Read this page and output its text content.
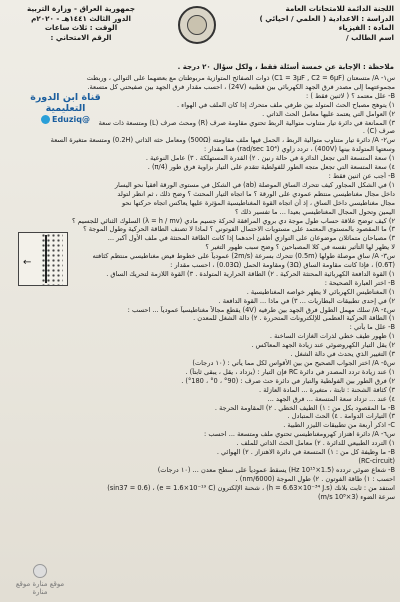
اللجنة الدائمة للامتحانات العامة
الدراسة : الاعدادية ( العلمي / احيائي )
المادة : الفيزياء
اسم الطالب /
جمهورية العراق - وزارة التربية
الدور الثالث ١٤٤١هـ - ٢٠٢٠م
الوقت : ثلاث ساعات
الرقم الامتحاني :
ملاحظة : الإجابة عن خمسة أسئلة فقط ، ولكل سؤال ٢٠ درجة .
س١- A/ متسعتان (C1 = 3μF , C2 = 6μF) ذوات الصفائح المتوازية مربوطتان مع بعضهما على التوالي ، وربطت
مجموعتهما إلى مصدر فرق الجهد الكهربائي بين قطبيه (24V) ، احسب مقدار فرق الجهد بين صفيحتي كل متسعة.
B- علل معتمد ؟ ( لاثنين فقط ) :
١) يتوهج مصباح الحث المتولد بين طرفي ملف متحرك إذا كان الملف في الهواء .
٢) العوامل التي يعتمد عليها معامل الحث الذاتي .
٣) الممانعة في دائرة تيار متناوب متوالية الربط تحتوي مقاومة صرف (R) ومحث صرف (L) ومتسعة ذات سعة
صرف (C) .
س٢- A/ دائرة تيار متناوب متوالية الربط ، الحمل فيها ملف مقاومته (500Ω) ومعامل حثه الذاتي (0.2H) ومتسعة متغيرة السعة
وسعتها المتولدة بينها (400V) ، تردد زاوي (10⁴ rad/sec) فما مقدار :
١) سعة المتسعة التي تجعل الدائرة في حالة رنين . ٢) القدرة المستهلكة . ٣) عامل النوعية .
٤) سعة المتسعة التي تجعل متجه الطور للفولطية تتقدم على التيار بزاوية فرق طور (π/4) .
B- أجب عن اثنين فقط :
١) في الشكل المجاور كيف تتحرك الساق الموصلة (ab) في الشكل في مستوى الورقة أفقياً نحو اليسار
داخل مجال مغناطيسي منتظم عمودي على الورقة ؟ ما اتجاه التيار المحتث ؟ وضح ذلك ، ثم انظر لتولد
مجال مغناطيسي داخل الساق ، إذ أن اتجاه القوة المغناطيسية المؤثرة عليها يعاكس اتجاه حركتها نحو
اليمين وتحول المجال المغناطيسي بعيدا ... ما تفسير ذلك ؟
٢) كيف توضح علاقة حساب طول موجة دي بروي المرافقة لحركة جسيم مادي (λ = h / mv) السلوك الثنائي للجسيم ؟
٣) ما المقصود بالمستوى المعتمد على مستويات الاحتمال الفوتوني ؟ لماذا لا تصنف الطاقة الحركية وطول الموجة ؟
٣) مصباحان متماثلان موضوعان على التوازي أطفئ أحدهما إذا كانت الطاقة المحتثة في ملف الأول أكبر ...
لا يظهر لها التأثير نفسه في كلا المصباحين ؟ وضح سبب ظهور التغير ؟
س٣- A/ ساق موصلة طولها (0.5m) تتحرك بسرعة (2m/s) عمودياً على خطوط فيض مغناطيسي منتظم كثافته
(0.6T) ، فإذا كانت مقاومة الساق (3Ω) ومقاومة الحمل (0.03Ω) ، احسب مقدار :
١) القوة الدافعة الكهربائية المحتثة الحركية . ٢) الطاقة الحرارية المتولدة . ٣) القوة اللازمة لتحريك الساق .
B- اختر العبارة الصحيحة :
١) المغناطيس الكهربائي لا يظهر خواصه المغناطيسية .
٢) في إحدى تطبيقات البطاريات ... ٣) في ماذا ... القوة الدافعة .
س٤- A/ سلك مهمل الطول فرق الجهد بين طرفيه (4V) يقطع مجالاً مغناطيسياً عمودياً ... احسب :
١) الطاقة الحركية العظمى للإلكترونات المتحررة . ٢) دالة الشغل للمعدن .
B- علل ما يأتي :
١) ظهور طيف خطي لذرات الغازات الساخنة .
٢) يقل التيار الكهروضوئي عند زيادة الجهد المعاكس .
٣) التغيير الذي يحدث في دالة الشغل .
س٥- A/ اختر الجواب الصحيح من بين الأقواس لكل مما يأتي : (١٠ درجات)
١) عند زيادة تردد المصدر في دائرة RC فإن التيار : (يزداد ، يقل ، يبقى ثابتاً) .
٢) فرق الطور بين الفولطية والتيار في دائرة حث صرف : (90° ، 0° ، 180°) .
٣) كثافة الشحنة : ثابتة ، متغيرة ... المادة العازلة .
٤) عند ... تزداد سعة المتسعة ... فرق الجهد ...
B- ما المقصود بكل من : ١) الطيف الخطي . ٢) المقاومة الحرجة .
٣) التيارات الدوامة . ٤) الحث المتبادل .
C- اذكر أربعة من تطبيقات الليزر الطبية .
س٦- A/ دائرة اهتزاز كهرومغناطيسي تحتوي ملف ومتسعة ... احسب :
١) التردد الطبيعي للدائرة . ٢) معامل الحث الذاتي للملف .
B- ما وظيفة كل من : ١) المتسعة في دائرة الاهتزاز . ٢) الهوائي .
(RC-circuit)
B- شعاع ضوئي تردده (1.5×10¹⁵ Hz) يسقط عمودياً على سطح معدن ... (١٠ درجات)
احسب : ١) طاقة الفوتون . ٢) طول الموجة (6000/nm) .
استفد من : ثابت بلانك (h = 6.63×10⁻³⁴ J.s) ، شحنة الإلكترون (e = 1.6×10⁻¹⁹ C) ، (sin37 = 0.6)
سرعة الضوء (3×10⁸ m/s)
قناة ابن الدورة التعليمية
@Eduziq
←
موقع منارة موقع منارة
